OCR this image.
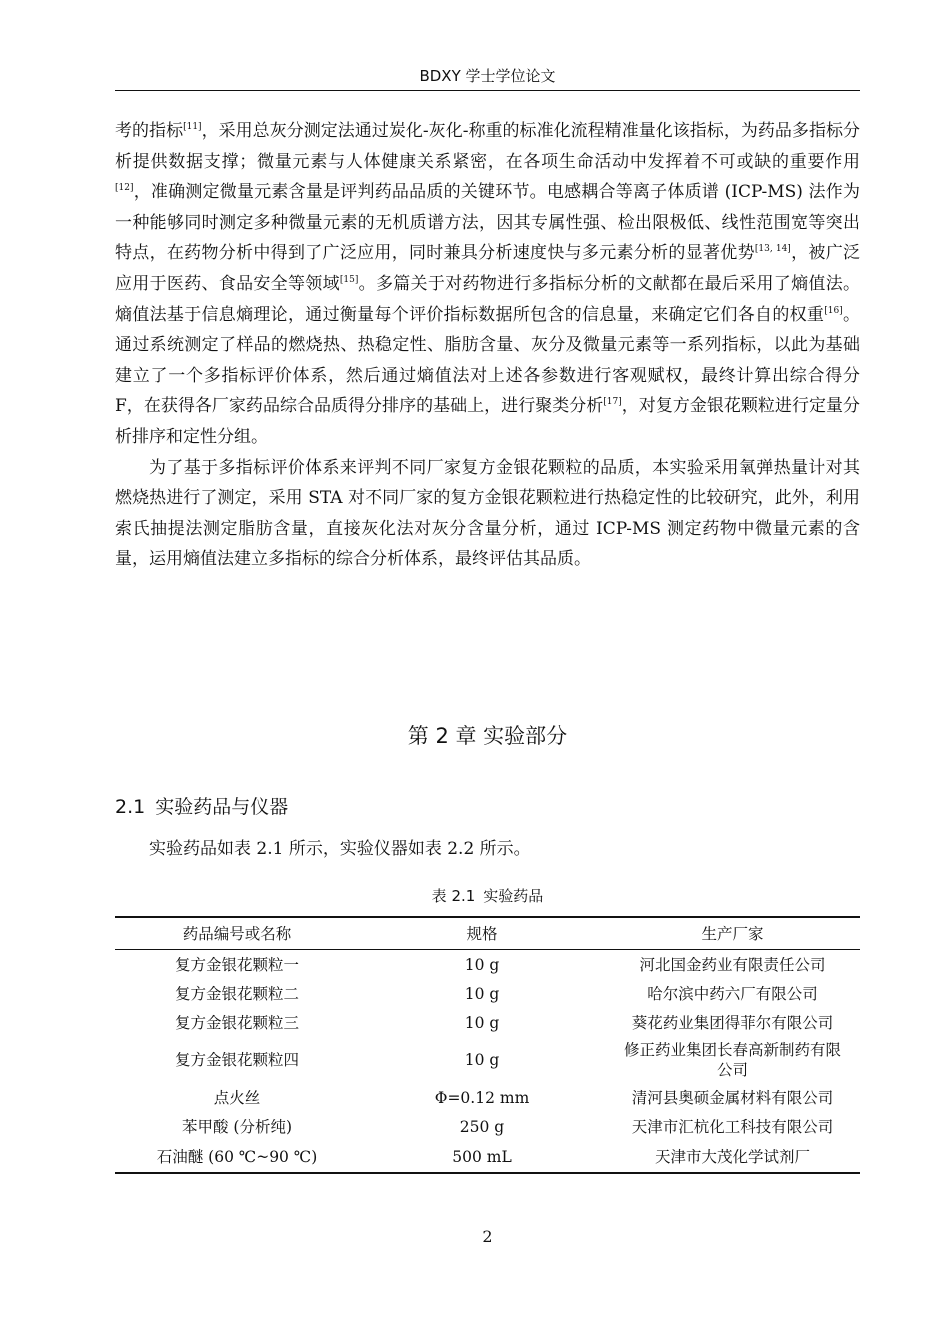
BDXY 学士学位论文

考的指标[11]，采用总灰分测定法通过炭化-灰化-称重的标准化流程精准量化该指标，为药品多指标分析提供数据支撑；微量元素与人体健康关系紧密，在各项生命活动中发挥着不可或缺的重要作用[12]，准确测定微量元素含量是评判药品品质的关键环节。电感耦合等离子体质谱 (ICP-MS) 法作为一种能够同时测定多种微量元素的无机质谱方法，因其专属性强、检出限极低、线性范围宽等突出特点，在药物分析中得到了广泛应用，同时兼具分析速度快与多元素分析的显著优势[13, 14]，被广泛应用于医药、食品安全等领域[15]。多篇关于对药物进行多指标分析的文献都在最后采用了熵值法。熵值法基于信息熵理论，通过衡量每个评价指标数据所包含的信息量，来确定它们各自的权重[16]。通过系统测定了样品的燃烧热、热稳定性、脂肪含量、灰分及微量元素等一系列指标，以此为基础建立了一个多指标评价体系，然后通过熵值法对上述各参数进行客观赋权，最终计算出综合得分 F，在获得各厂家药品综合品质得分排序的基础上，进行聚类分析[17]，对复方金银花颗粒进行定量分析排序和定性分组。

为了基于多指标评价体系来评判不同厂家复方金银花颗粒的品质，本实验采用氧弹热量计对其燃烧热进行了测定，采用 STA 对不同厂家的复方金银花颗粒进行热稳定性的比较研究，此外，利用索氏抽提法测定脂肪含量，直接灰化法对灰分含量分析，通过 ICP-MS 测定药物中微量元素的含量，运用熵值法建立多指标的综合分析体系，最终评估其品质。

第 2 章 实验部分
2.1 实验药品与仪器
实验药品如表 2.1 所示，实验仪器如表 2.2 所示。
表 2.1 实验药品
药品编号或名称	规格	生产厂家
复方金银花颗粒一	10 g	河北国金药业有限责任公司
复方金银花颗粒二	10 g	哈尔滨中药六厂有限公司
复方金银花颗粒三	10 g	葵花药业集团得菲尔有限公司
复方金银花颗粒四	10 g	修正药业集团长春高新制药有限公司
点火丝	Φ=0.12 mm	清河县奥硕金属材料有限公司
苯甲酸 (分析纯)	250 g	天津市汇杭化工科技有限公司
石油醚 (60 ℃~90 ℃)	500 mL	天津市大茂化学试剂厂
2
